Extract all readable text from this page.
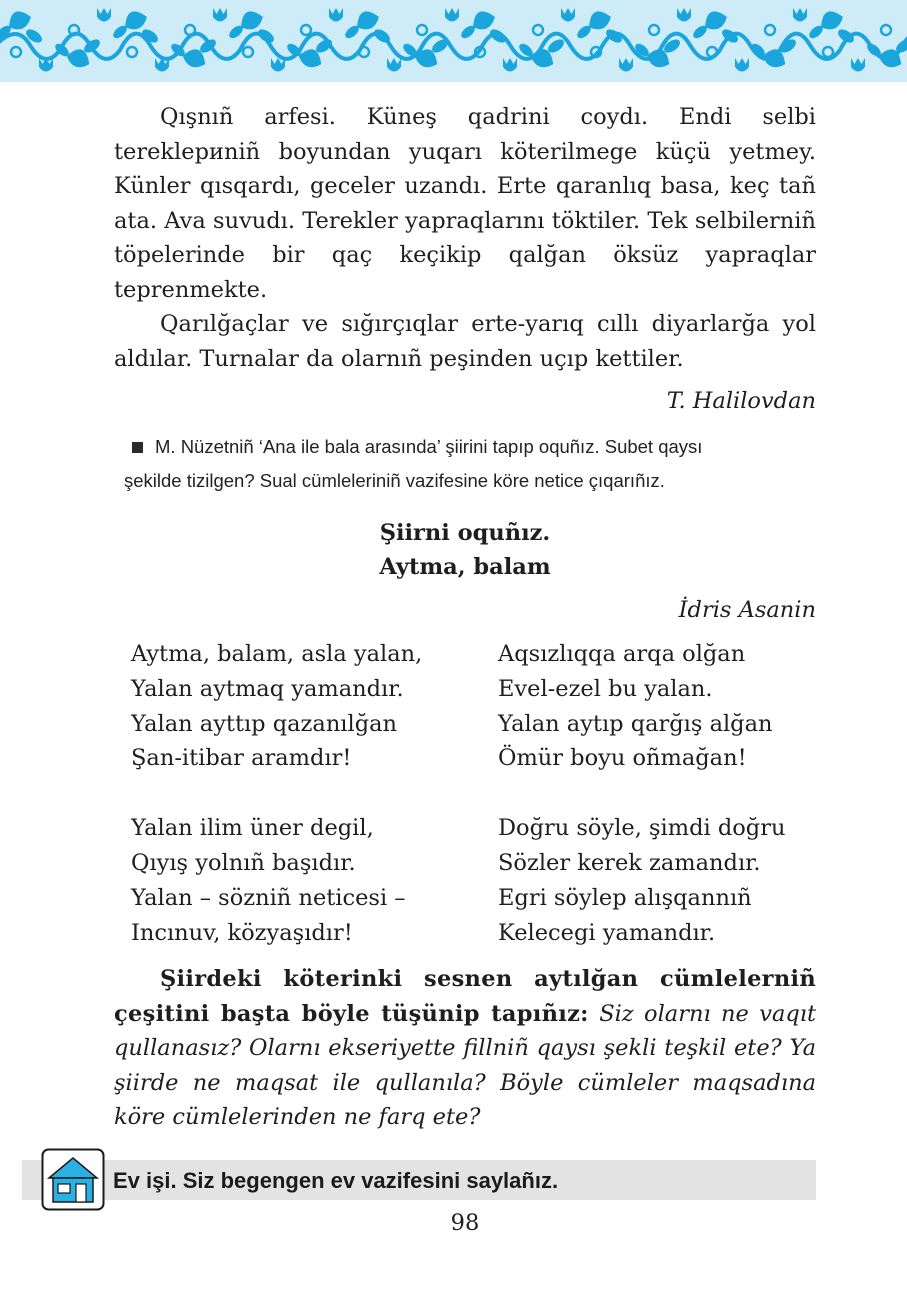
Qışnıñ arfesi. Küneş qadrini coydı. Endi selbi tereklериniñ boyundan yuqarı köterilmege küçü yetmey. Künler qısqardı, geceler uzandı. Erte qaranlıq basa, keç tañ ata. Ava suvudı. Terekler yapraqlarını töktiler. Tek selbilerniñ töpelerinde bir qaç keçikip qalğan öksüz yapraqlar teprenmekte.

Qarılğaçlar ve sığırçıqlar erte-yarıq cıllı diyarlarğa yol aldılar. Turnalar da olarnıñ peşinden uçıp kettiler.

T. Halilovdan
M. Nüzetniñ ‘Ana ile bala arasında’ şiirini tapıp oquñız. Subet qaysı
şekilde tizilgen? Sual cümleleriniñ vazifesine köre netice çıqarıñız.
Şiirni oquñız.
Aytma, balam
İdris Asanin
Aytma, balam, asla yalan,
Yalan aytmaq yamandır.
Yalan ayttıp qazanılğan
Şan-itibar aramdır!
Yalan ilim üner degil,
Qıyış yolnıñ başıdır.
Yalan – sözniñ neticesi –
Incınuv, közyaşıdır!
Aqsızlıqqa arqa olğan
Evel-ezel bu yalan.
Yalan aytıp qarğış alğan
Ömür boyu oñmağan!
Doğru söyle, şimdi doğru
Sözler kerek zamandır.
Egri söylep alışqannıñ
Kelecegi yamandır.
Şiirdeki köterinki sesnen aytılğan cümlelerniñ çeşitini başta böyle tüşünip tapıñız: Siz olarnı ne vaqıt qullanasız? Olarnı ekseriyette fillniñ qaysı şekli teşkil ete? Ya şiirde ne maqsat ile qullanıla? Böyle cümleler maqsadına köre cümlelerinden ne farq ete?
Ev işi. Siz begengen ev vazifesini saylañız.
98
